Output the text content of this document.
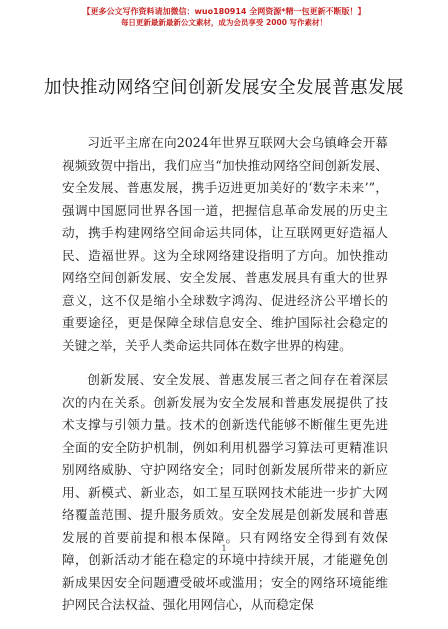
【更多公文写作资料请加微信：wuo180914 全网资源*精一包更新不断版！】
每日更新最新最新公文素材，成为会员享受 2000 写作素材！
加快推动网络空间创新发展安全发展普惠发展

习近平主席在向2024年世界互联网大会乌镇峰会开幕视频致贺中指出，我们应当“加快推动网络空间创新发展、安全发展、普惠发展，携手迈进更加美好的‘数字未来’”，强调中国愿同世界各国一道，把握信息革命发展的历史主动，携手构建网络空间命运共同体，让互联网更好造福人民、造福世界。这为全球网络建设指明了方向。加快推动网络空间创新发展、安全发展、普惠发展具有重大的世界意义，这不仅是缩小全球数字鸿沟、促进经济公平增长的重要途径，更是保障全球信息安全、维护国际社会稳定的关键之举，关乎人类命运共同体在数字世界的构建。

创新发展、安全发展、普惠发展三者之间存在着深层次的内在关系。创新发展为安全发展和普惠发展提供了技术支撑与引领力量。技术的创新迭代能够不断催生更先进全面的安全防护机制，例如利用机器学习算法可更精准识别网络威胁、守护网络安全；同时创新发展所带来的新应用、新模式、新业态，如工星互联网技术能进一步扩大网络覆盖范围、提升服务质效。安全发展是创新发展和普惠发展的首要前提和根本保障。只有网络安全得到有效保障，创新活动才能在稳定的环境中持续开展，才能避免创新成果因安全问题遭受破坏或滥用；安全的网络环境能维护网民合法权益、强化用网信心，从而稳定保

1
